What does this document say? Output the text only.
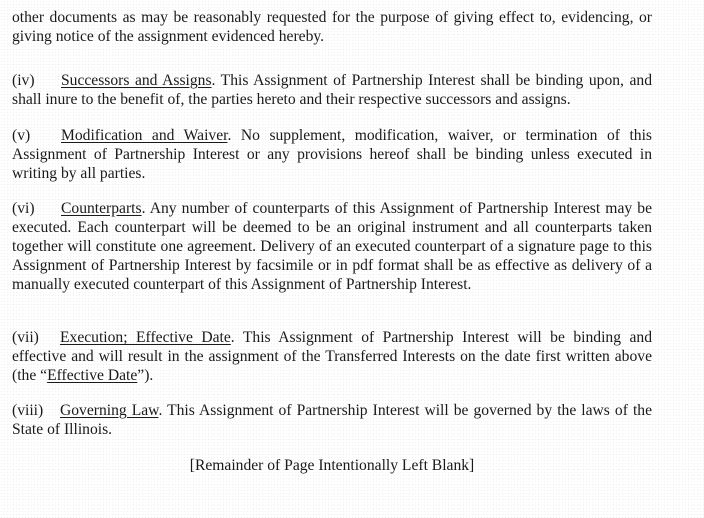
other documents as may be reasonably requested for the purpose of giving effect to, evidencing, or giving notice of the assignment evidenced hereby.

(iv) Successors and Assigns. This Assignment of Partnership Interest shall be binding upon, and shall inure to the benefit of, the parties hereto and their respective successors and assigns.

(v) Modification and Waiver. No supplement, modification, waiver, or termination of this Assignment of Partnership Interest or any provisions hereof shall be binding unless executed in writing by all parties.

(vi) Counterparts. Any number of counterparts of this Assignment of Partnership Interest may be executed. Each counterpart will be deemed to be an original instrument and all counterparts taken together will constitute one agreement. Delivery of an executed counterpart of a signature page to this Assignment of Partnership Interest by facsimile or in pdf format shall be as effective as delivery of a manually executed counterpart of this Assignment of Partnership Interest.

(vii) Execution; Effective Date. This Assignment of Partnership Interest will be binding and effective and will result in the assignment of the Transferred Interests on the date first written above (the “Effective Date”).

(viii) Governing Law. This Assignment of Partnership Interest will be governed by the laws of the State of Illinois.

[Remainder of Page Intentionally Left Blank]
